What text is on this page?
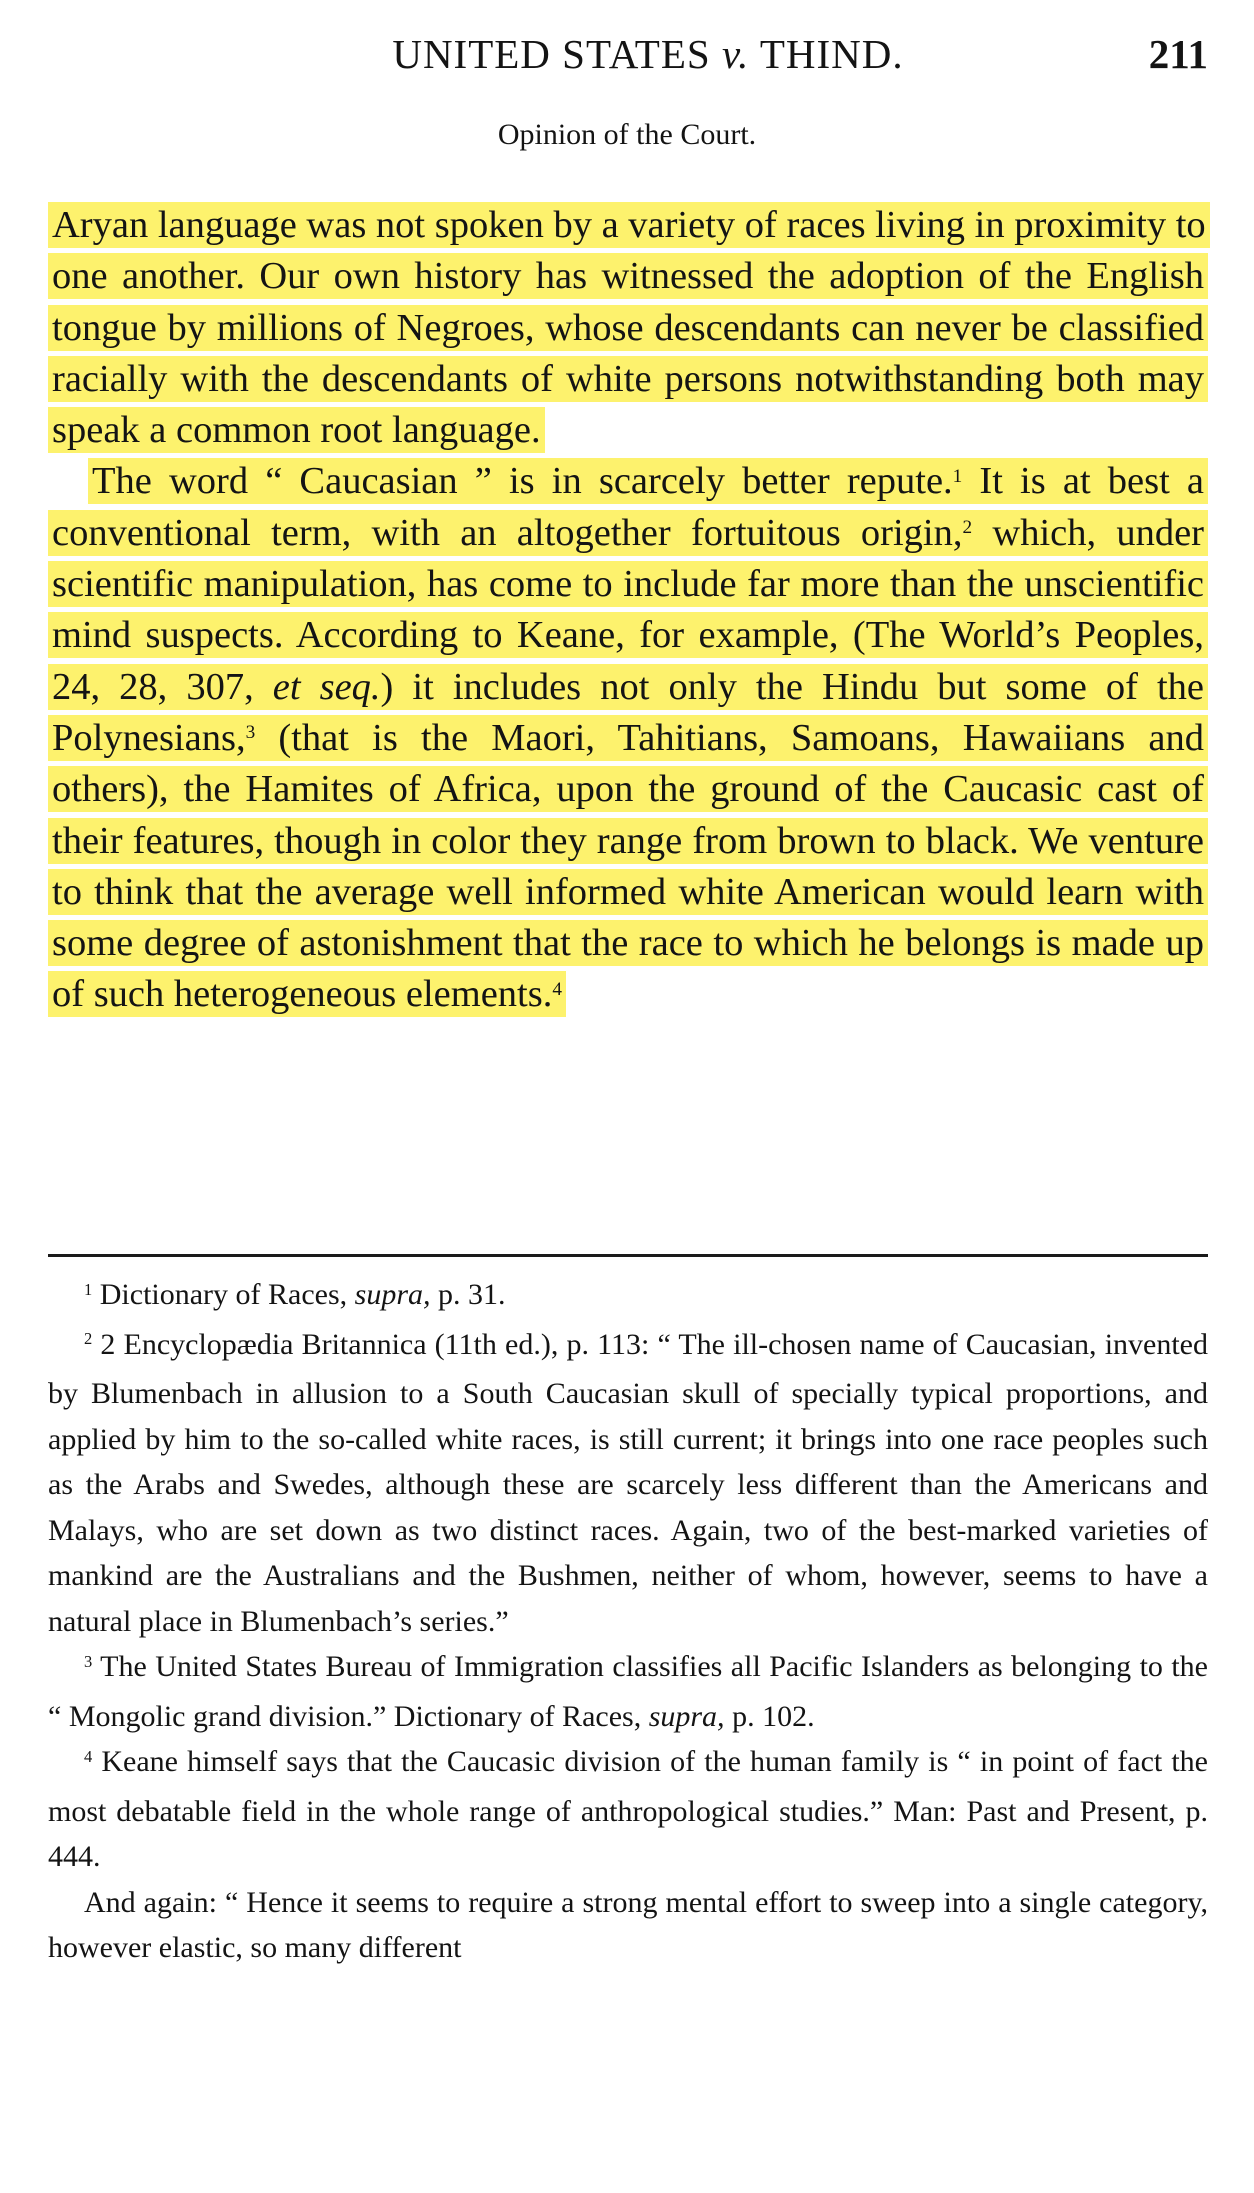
UNITED STATES v. THIND.	211
Opinion of the Court.

Aryan language was not spoken by a variety of races living in proximity to one another. Our own history has witnessed the adoption of the English tongue by millions of Negroes, whose descendants can never be classified racially with the descendants of white persons notwithstanding both may speak a common root language.

The word “ Caucasian ” is in scarcely better repute.$^1$ It is at best a conventional term, with an altogether fortuitous origin,$^2$ which, under scientific manipulation, has come to include far more than the unscientific mind suspects. According to Keane, for example, (The World’s Peoples, 24, 28, 307, et seq.) it includes not only the Hindu but some of the Polynesians,$^3$ (that is the Maori, Tahitians, Samoans, Hawaiians and others), the Hamites of Africa, upon the ground of the Caucasic cast of their features, though in color they range from brown to black. We venture to think that the average well informed white American would learn with some degree of astonishment that the race to which he belongs is made up of such heterogeneous elements.$^4$

$^1$ Dictionary of Races, supra, p. 31.

$^2$ 2 Encyclopædia Britannica (11th ed.), p. 113: “ The ill-chosen name of Caucasian, invented by Blumenbach in allusion to a South Caucasian skull of specially typical proportions, and applied by him to the so-called white races, is still current; it brings into one race peoples such as the Arabs and Swedes, although these are scarcely less different than the Americans and Malays, who are set down as two distinct races. Again, two of the best-marked varieties of mankind are the Australians and the Bushmen, neither of whom, however, seems to have a natural place in Blumenbach’s series.”

$^3$ The United States Bureau of Immigration classifies all Pacific Islanders as belonging to the “ Mongolic grand division.” Dictionary of Races, supra, p. 102.

$^4$ Keane himself says that the Caucasic division of the human family is “ in point of fact the most debatable field in the whole range of anthropological studies.” Man: Past and Present, p. 444.

And again: “ Hence it seems to require a strong mental effort to sweep into a single category, however elastic, so many different
